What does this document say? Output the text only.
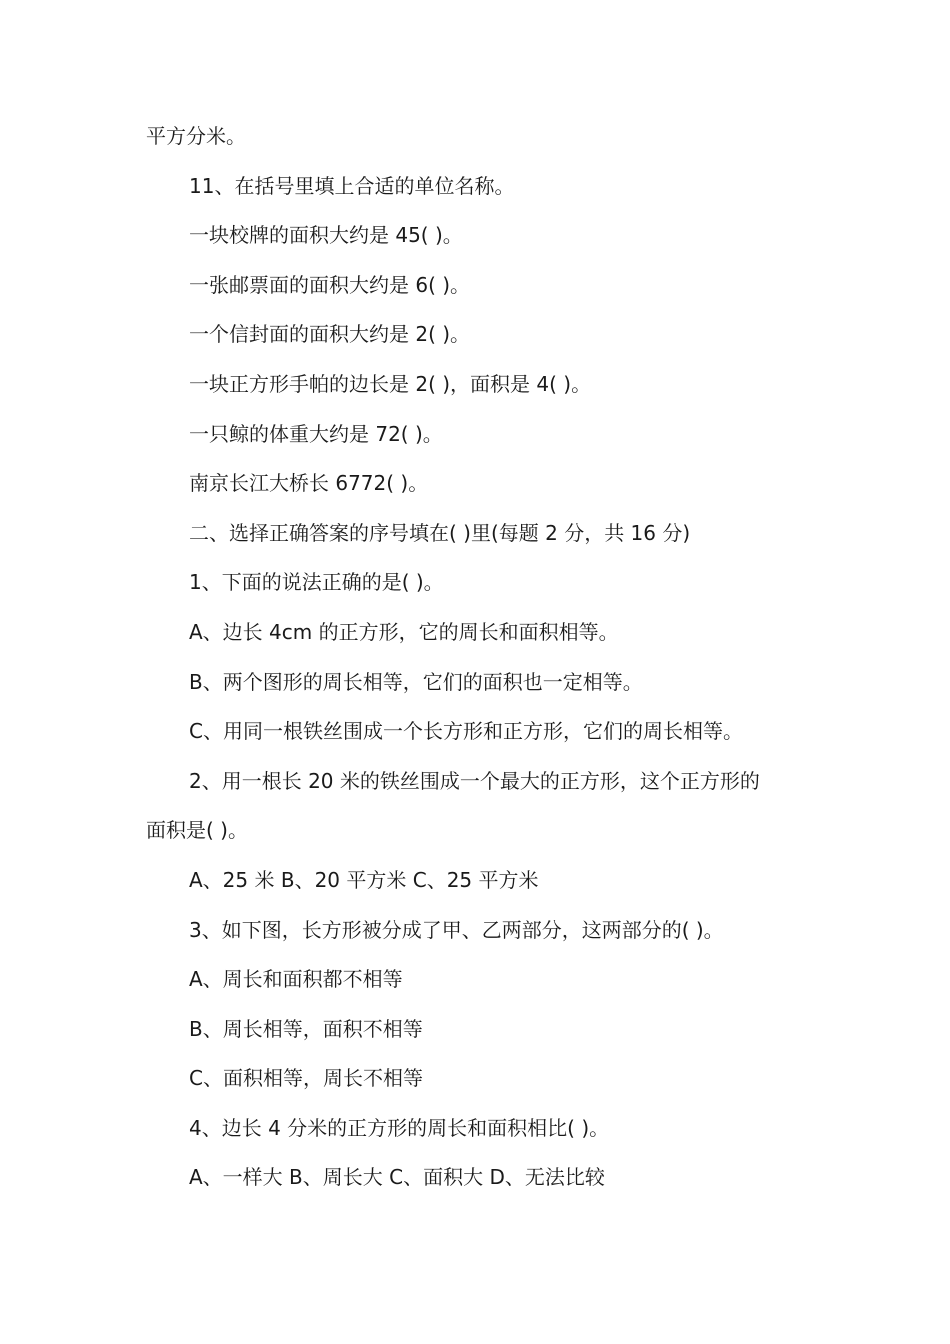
平方分米。
11、在括号里填上合适的单位名称。
一块校牌的面积大约是 45( )。
一张邮票面的面积大约是 6( )。
一个信封面的面积大约是 2( )。
一块正方形手帕的边长是 2( )，面积是 4( )。
一只鲸的体重大约是 72( )。
南京长江大桥长 6772( )。
二、选择正确答案的序号填在( )里(每题 2 分，共 16 分)
1、下面的说法正确的是( )。
A、边长 4cm 的正方形，它的周长和面积相等。
B、两个图形的周长相等，它们的面积也一定相等。
C、用同一根铁丝围成一个长方形和正方形，它们的周长相等。
2、用一根长 20 米的铁丝围成一个最大的正方形，这个正方形的
面积是( )。
A、25 米 B、20 平方米 C、25 平方米
3、如下图，长方形被分成了甲、乙两部分，这两部分的( )。
A、周长和面积都不相等
B、周长相等，面积不相等
C、面积相等，周长不相等
4、边长 4 分米的正方形的周长和面积相比( )。
A、一样大 B、周长大 C、面积大 D、无法比较
